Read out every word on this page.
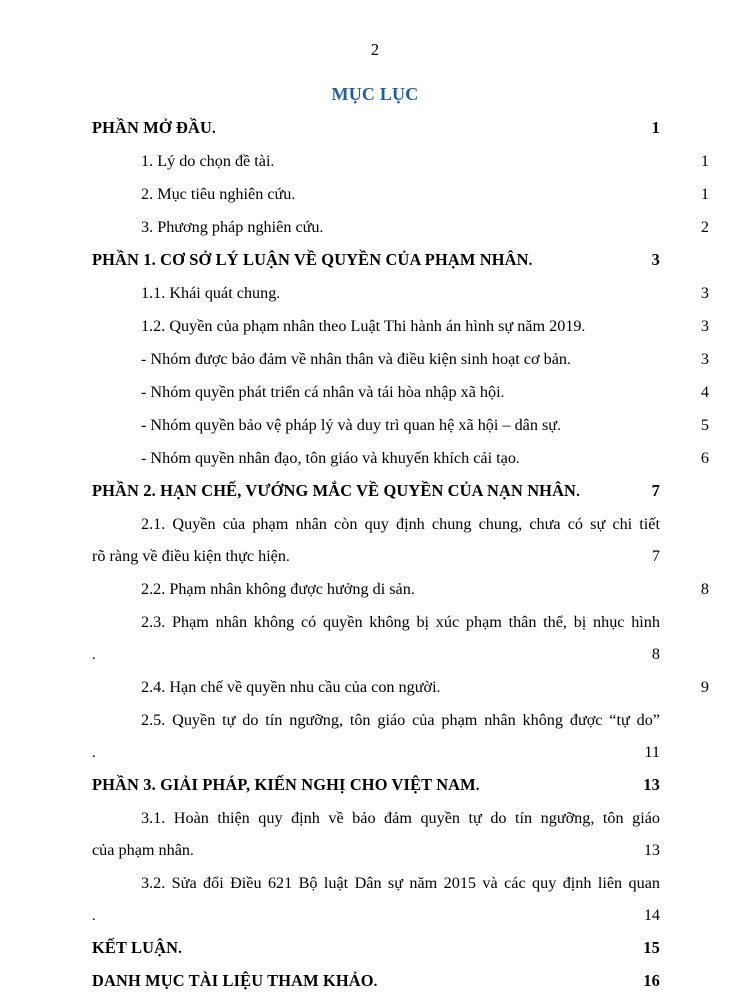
2
MỤC LỤC
PHẦN MỞ ĐẦU .	1
1. Lý do chọn đề tài .	1
2. Mục tiêu nghiên cứu .	1
3. Phương pháp nghiên cứu .	2
PHẦN 1. CƠ SỞ LÝ LUẬN VỀ QUYỀN CỦA PHẠM NHÂN .	3
1.1. Khái quát chung .	3
1.2. Quyền của phạm nhân theo Luật Thi hành án hình sự năm 2019 .	3
- Nhóm được bảo đảm về nhân thân và điều kiện sinh hoạt cơ bản .	3
- Nhóm quyền phát triển cá nhân và tái hòa nhập xã hội .	4
- Nhóm quyền bảo vệ pháp lý và duy trì quan hệ xã hội – dân sự .	5
- Nhóm quyền nhân đạo, tôn giáo và khuyến khích cải tạo .	6
PHẦN 2. HẠN CHẾ, VƯỚNG MẮC VỀ QUYỀN CỦA NẠN NHÂN .	7
2.1. Quyền của phạm nhân còn quy định chung chung, chưa có sự chi tiết
rõ ràng về điều kiện thực hiện .	7
2.2. Phạm nhân không được hưởng di sản .	8
2.3. Phạm nhân không có quyền không bị xúc phạm thân thể, bị nhục hình
.	8
2.4. Hạn chế về quyền nhu cầu của con người .	9
2.5. Quyền tự do tín ngưỡng, tôn giáo của phạm nhân không được “tự do”
.	11
PHẦN 3. GIẢI PHÁP, KIẾN NGHỊ CHO VIỆT NAM .	13
3.1. Hoàn thiện quy định về bảo đảm quyền tự do tín ngưỡng, tôn giáo
của phạm nhân .	13
3.2. Sửa đổi Điều 621 Bộ luật Dân sự năm 2015 và các quy định liên quan
.	14
KẾT LUẬN .	15
DANH MỤC TÀI LIỆU THAM KHẢO .	16
